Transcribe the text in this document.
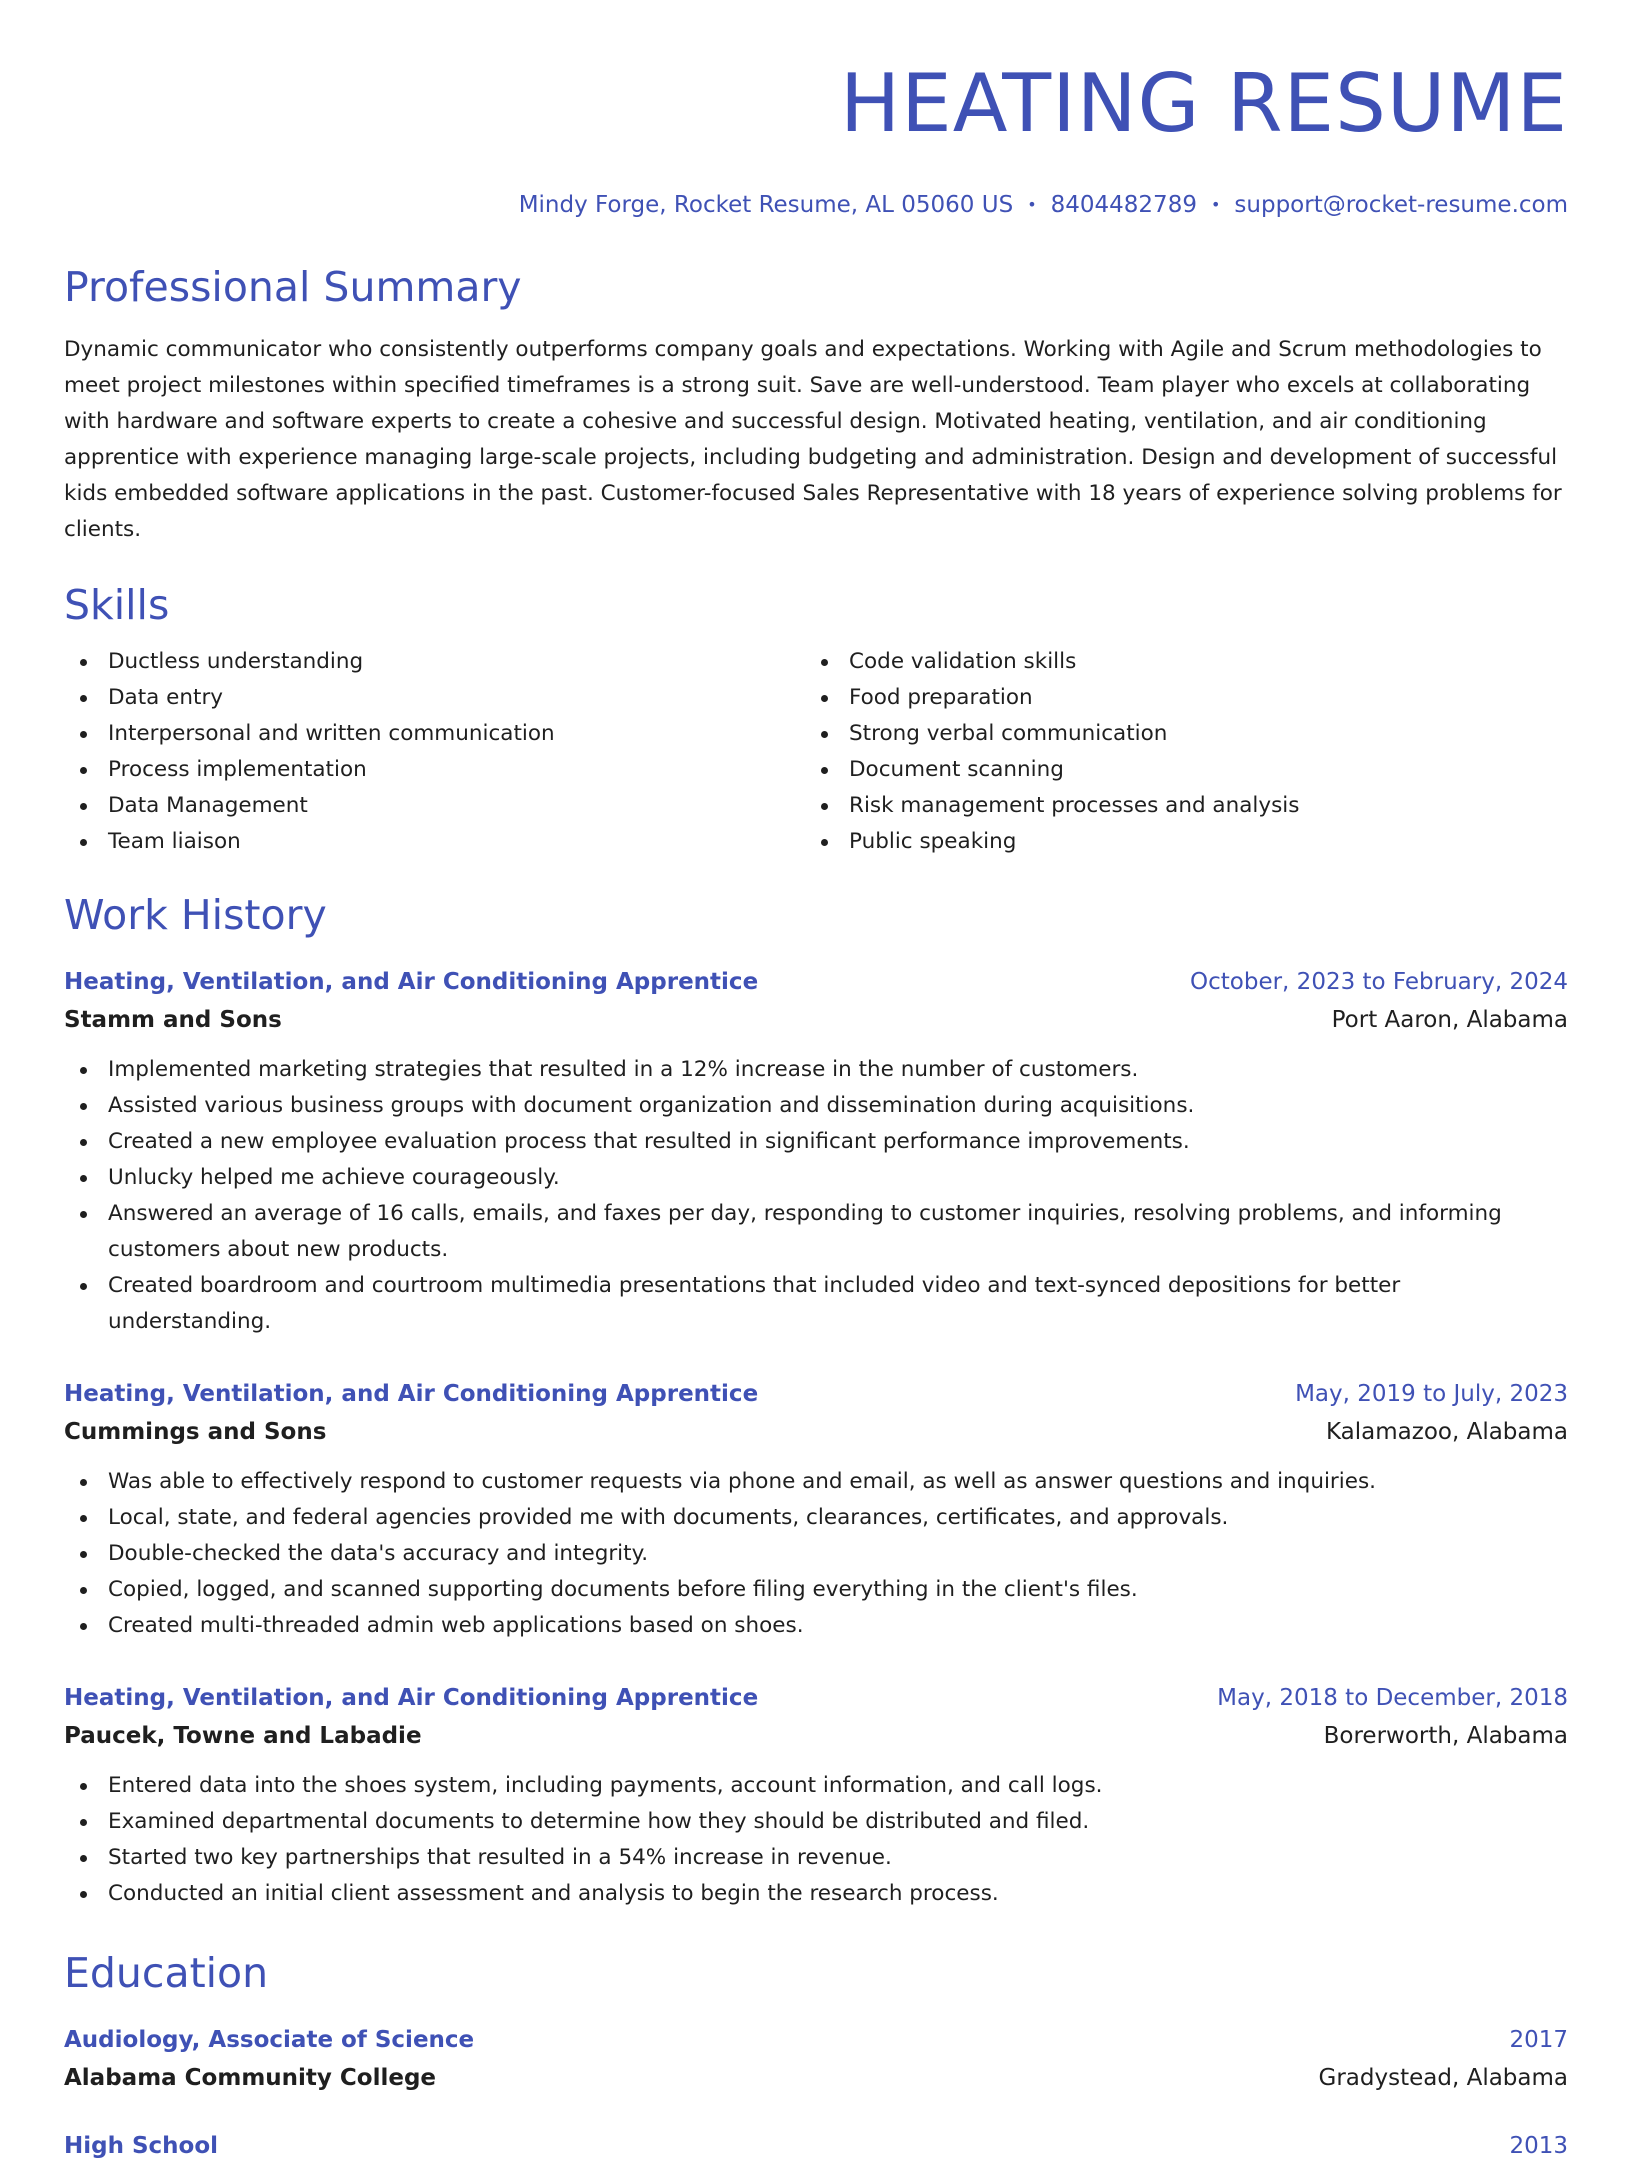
HEATING RESUME
Mindy Forge, Rocket Resume, AL 05060 US • 8404482789 • support@rocket-resume.com
Professional Summary
Dynamic communicator who consistently outperforms company goals and expectations. Working with Agile and Scrum methodologies to meet project milestones within specified timeframes is a strong suit. Save are well-understood. Team player who excels at collaborating with hardware and software experts to create a cohesive and successful design. Motivated heating, ventilation, and air conditioning apprentice with experience managing large-scale projects, including budgeting and administration. Design and development of successful kids embedded software applications in the past. Customer-focused Sales Representative with 18 years of experience solving problems for clients.
Skills
Ductless understanding
Data entry
Interpersonal and written communication
Process implementation
Data Management
Team liaison
Code validation skills
Food preparation
Strong verbal communication
Document scanning
Risk management processes and analysis
Public speaking
Work History
Heating, Ventilation, and Air Conditioning Apprentice	October, 2023 to February, 2024
Stamm and Sons	Port Aaron, Alabama
Implemented marketing strategies that resulted in a 12% increase in the number of customers.
Assisted various business groups with document organization and dissemination during acquisitions.
Created a new employee evaluation process that resulted in significant performance improvements.
Unlucky helped me achieve courageously.
Answered an average of 16 calls, emails, and faxes per day, responding to customer inquiries, resolving problems, and informing customers about new products.
Created boardroom and courtroom multimedia presentations that included video and text-synced depositions for better understanding.
Heating, Ventilation, and Air Conditioning Apprentice	May, 2019 to July, 2023
Cummings and Sons	Kalamazoo, Alabama
Was able to effectively respond to customer requests via phone and email, as well as answer questions and inquiries.
Local, state, and federal agencies provided me with documents, clearances, certificates, and approvals.
Double-checked the data's accuracy and integrity.
Copied, logged, and scanned supporting documents before filing everything in the client's files.
Created multi-threaded admin web applications based on shoes.
Heating, Ventilation, and Air Conditioning Apprentice	May, 2018 to December, 2018
Paucek, Towne and Labadie	Borerworth, Alabama
Entered data into the shoes system, including payments, account information, and call logs.
Examined departmental documents to determine how they should be distributed and filed.
Started two key partnerships that resulted in a 54% increase in revenue.
Conducted an initial client assessment and analysis to begin the research process.
Education
Audiology, Associate of Science	2017
Alabama Community College	Gradystead, Alabama
High School	2013
